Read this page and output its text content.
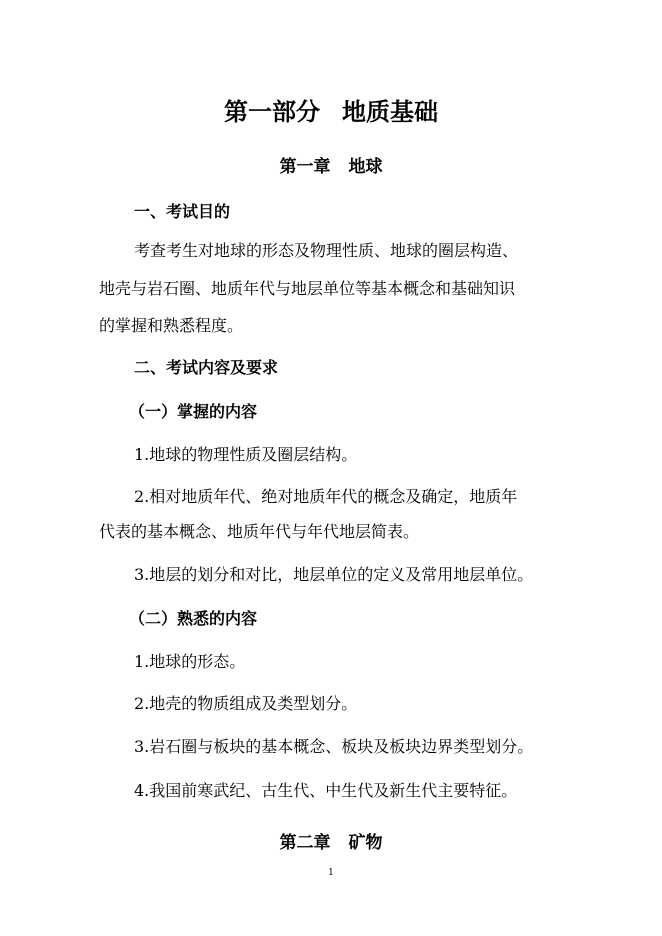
第一部分 地质基础
第一章 地球
一、考试目的

考查考生对地球的形态及物理性质、地球的圈层构造、

地壳与岩石圈、地质年代与地层单位等基本概念和基础知识

的掌握和熟悉程度。

二、考试内容及要求
（一）掌握的内容

1.地球的物理性质及圈层结构。

2.相对地质年代、绝对地质年代的概念及确定，地质年

代表的基本概念、地质年代与年代地层简表。

3.地层的划分和对比，地层单位的定义及常用地层单位。

（二）熟悉的内容

1.地球的形态。

2.地壳的物质组成及类型划分。

3.岩石圈与板块的基本概念、板块及板块边界类型划分。

4.我国前寒武纪、古生代、中生代及新生代主要特征。

第二章 矿物
1
